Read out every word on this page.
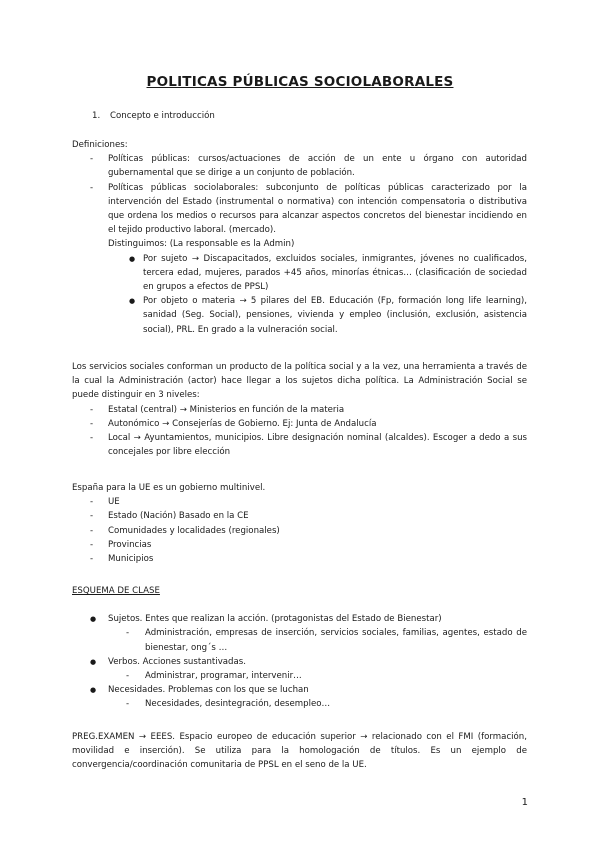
POLITICAS PÚBLICAS SOCIOLABORALES
1. Concepto e introducción
Definiciones:
- Políticas públicas: cursos/actuaciones de acción de un ente u órgano con autoridad gubernamental que se dirige a un conjunto de población.
- Políticas públicas sociolaborales: subconjunto de políticas públicas caracterizado por la intervención del Estado (instrumental o normativa) con intención compensatoria o distributiva que ordena los medios o recursos para alcanzar aspectos concretos del bienestar incidiendo en el tejido productivo laboral. (mercado).
Distinguimos: (La responsable es la Admin)
● Por sujeto → Discapacitados, excluidos sociales, inmigrantes, jóvenes no cualificados, tercera edad, mujeres, parados +45 años, minorías étnicas… (clasificación de sociedad en grupos a efectos de PPSL)
● Por objeto o materia → 5 pilares del EB. Educación (Fp, formación long life learning), sanidad (Seg. Social), pensiones, vivienda y empleo (inclusión, exclusión, asistencia social), PRL. En grado a la vulneración social.
Los servicios sociales conforman un producto de la política social y a la vez, una herramienta a través de la cual la Administración (actor) hace llegar a los sujetos dicha política. La Administración Social se puede distinguir en 3 niveles:
- Estatal (central) → Ministerios en función de la materia
- Autonómico → Consejerías de Gobierno. Ej: Junta de Andalucía
- Local → Ayuntamientos, municipios. Libre designación nominal (alcaldes). Escoger a dedo a sus concejales por libre elección
España para la UE es un gobierno multinivel.
- UE
- Estado (Nación) Basado en la CE
- Comunidades y localidades (regionales)
- Provincias
- Municipios
ESQUEMA DE CLASE
● Sujetos. Entes que realizan la acción. (protagonistas del Estado de Bienestar)
- Administración, empresas de inserción, servicios sociales, familias, agentes, estado de bienestar, ong´s …
● Verbos. Acciones sustantivadas.
- Administrar, programar, intervenir…
● Necesidades. Problemas con los que se luchan
- Necesidades, desintegración, desempleo…
PREG.EXAMEN → EEES. Espacio europeo de educación superior → relacionado con el FMI (formación, movilidad e inserción). Se utiliza para la homologación de títulos. Es un ejemplo de convergencia/coordinación comunitaria de PPSL en el seno de la UE.
1
